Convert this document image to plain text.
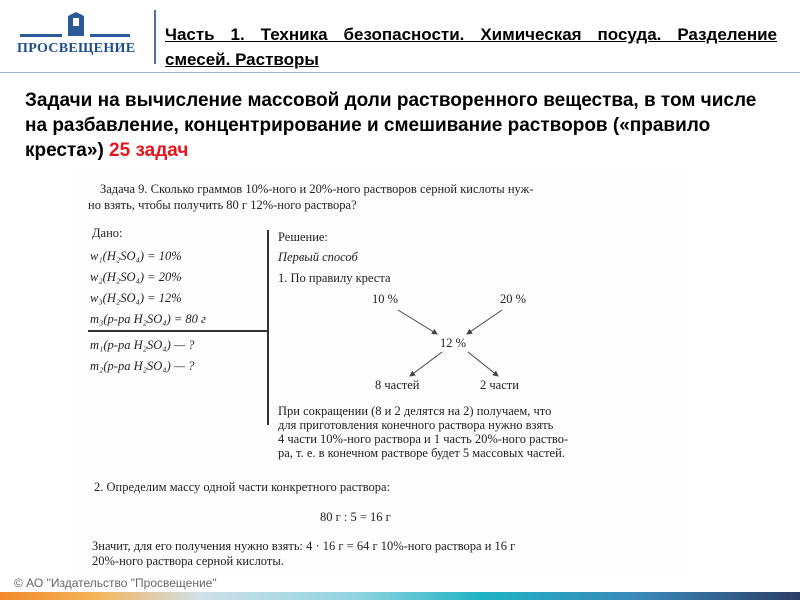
ПРОСВЕЩЕНИЕ
Часть 1. Техника безопасности. Химическая посуда. Разделение смесей. Растворы
Задачи на вычисление массовой доли растворенного вещества, в том числе на разбавление, концентрирование и смешивание растворов («правило креста») 25 задач
Задача 9. Сколько граммов 10%-ного и 20%-ного растворов серной кислоты нуж-
но взять, чтобы получить 80 г 12%-ного раствора?
Дано:
w₁(H₂SO₄) = 10%
w₂(H₂SO₄) = 20%
w₃(H₂SO₄) = 12%
m₃(р-ра H₂SO₄) = 80 г
m₁(р-ра H₂SO₄) — ?
m₂(р-ра H₂SO₄) — ?
Решение:
Первый способ
1. По правилу креста
10 %	20 %
12 %
8 частей	2 части
При сокращении (8 и 2 делятся на 2) получаем, что
для приготовления конечного раствора нужно взять
4 части 10%-ного раствора и 1 часть 20%-ного раство-
ра, т. е. в конечном растворе будет 5 массовых частей.
2. Определим массу одной части конкретного раствора:
80 г : 5 = 16 г
Значит, для его получения нужно взять: 4 · 16 г = 64 г 10%-ного раствора и 16 г
20%-ного раствора серной кислоты.
© АО "Издательство "Просвещение"
